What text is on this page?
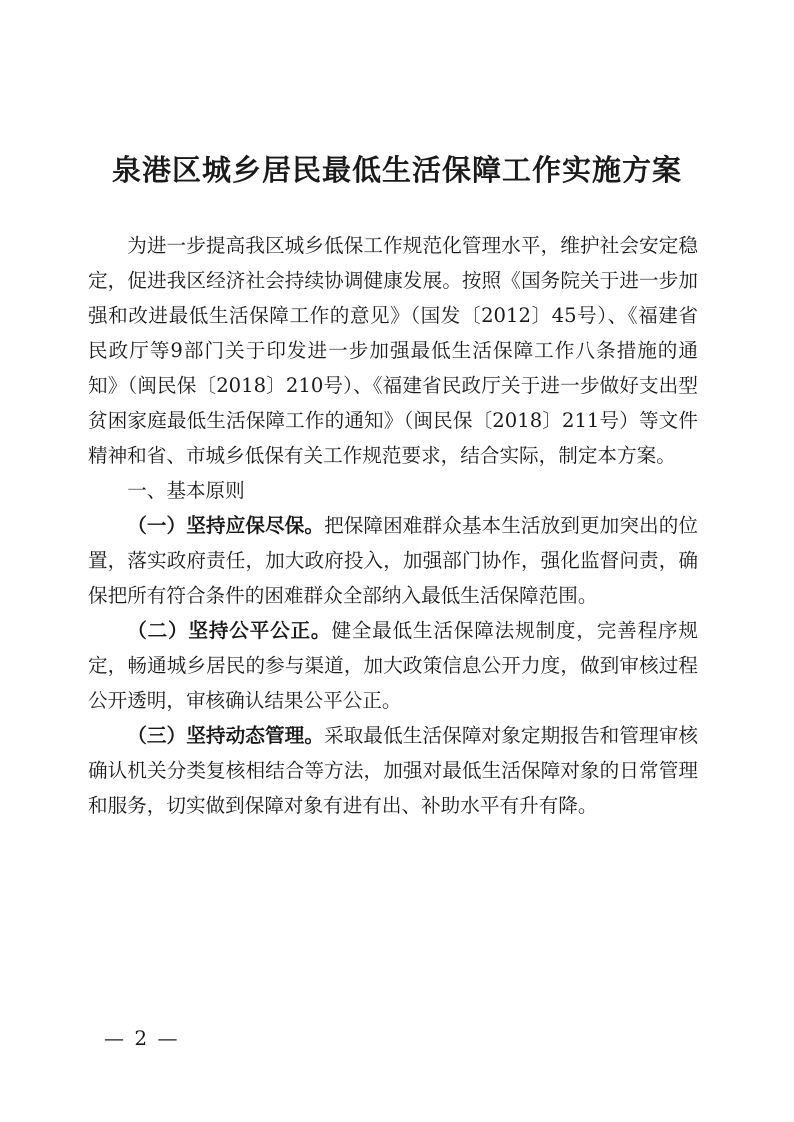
泉港区城乡居民最低生活保障工作实施方案

为进一步提高我区城乡低保工作规范化管理水平，维护社会安定稳定，促进我区经济社会持续协调健康发展。按照《国务院关于进一步加强和改进最低生活保障工作的意见》（国发〔2012〕45号）、《福建省民政厅等9部门关于印发进一步加强最低生活保障工作八条措施的通知》（闽民保〔2018〕210号）、《福建省民政厅关于进一步做好支出型贫困家庭最低生活保障工作的通知》（闽民保〔2018〕211号）等文件精神和省、市城乡低保有关工作规范要求，结合实际，制定本方案。

一、基本原则

（一）坚持应保尽保。把保障困难群众基本生活放到更加突出的位置，落实政府责任，加大政府投入，加强部门协作，强化监督问责，确保把所有符合条件的困难群众全部纳入最低生活保障范围。

（二）坚持公平公正。健全最低生活保障法规制度，完善程序规定，畅通城乡居民的参与渠道，加大政策信息公开力度，做到审核过程公开透明，审核确认结果公平公正。

（三）坚持动态管理。采取最低生活保障对象定期报告和管理审核确认机关分类复核相结合等方法，加强对最低生活保障对象的日常管理和服务，切实做到保障对象有进有出、补助水平有升有降。

— 2 —
